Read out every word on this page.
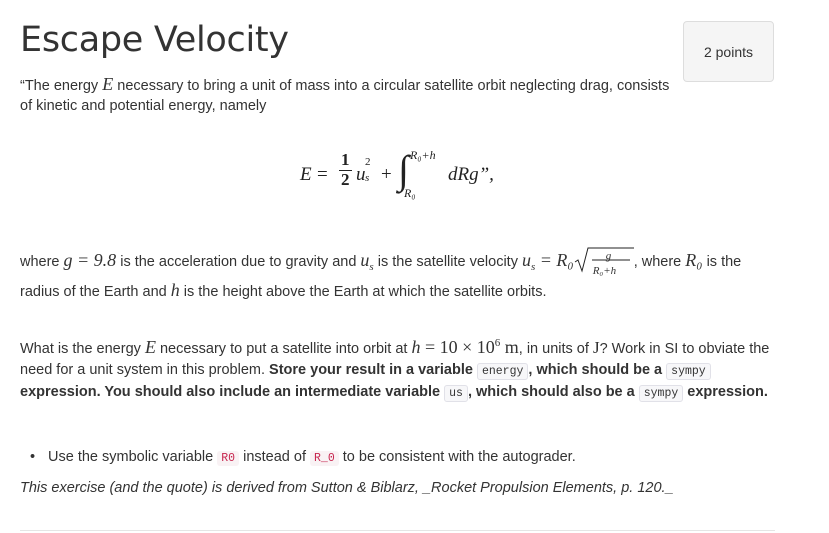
Escape Velocity	2 points

“The energy E necessary to bring a unit of mass into a circular satellite orbit neglecting drag, consists of kinetic and potential energy, namely

E =
1
2 u
2
s + ∫ R₀+h
R₀
dRg”,

where g = 9.8 is the acceleration due to gravity and $u_s$ is the satellite velocity $u_s = R_0$	g
R₀+h
, where R₀ is the

radius of the Earth and h is the height above the Earth at which the satellite orbits.

What is the energy E necessary to put a satellite into orbit at $h = 10 \times 10^6$ m, in units of J? Work in SI to obviate the need for a unit system in this problem. Store your result in a variable energy , which should be a sympy expression. You should also include an intermediate variable us , which should also be a sympy expression.

• Use the symbolic variable R0 instead of R_0 to be consistent with the autograder.

This exercise (and the quote) is derived from Sutton & Biblarz, _Rocket Propulsion Elements, p. 120._
